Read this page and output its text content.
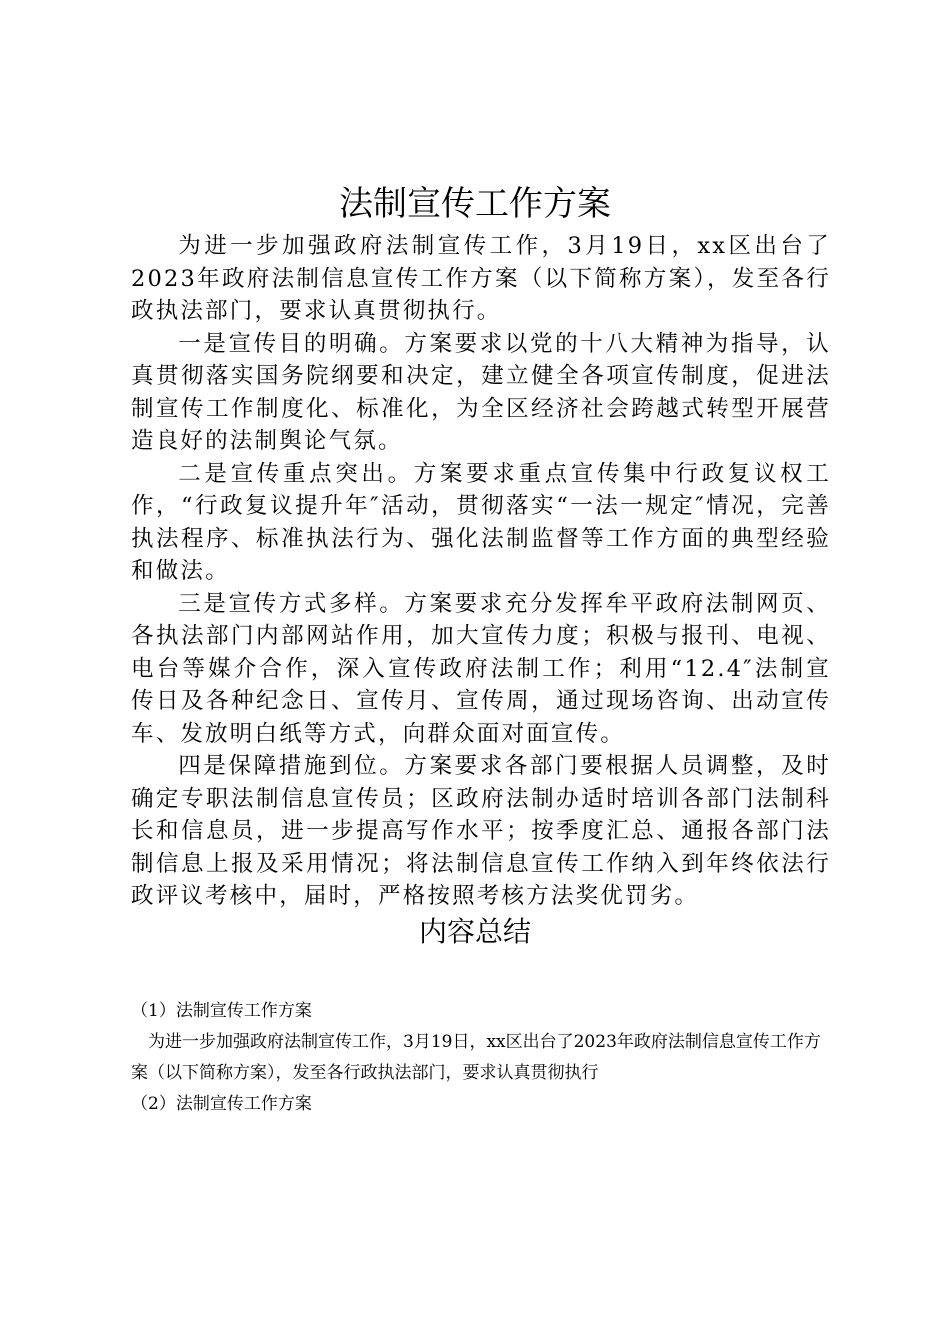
法制宣传工作方案

为进一步加强政府法制宣传工作，3月19日，xx区出台了2023年政府法制信息宣传工作方案（以下简称方案），发至各行政执法部门，要求认真贯彻执行。

一是宣传目的明确。方案要求以党的十八大精神为指导，认真贯彻落实国务院纲要和决定，建立健全各项宣传制度，促进法制宣传工作制度化、标准化，为全区经济社会跨越式转型开展营造良好的法制舆论气氛。

二是宣传重点突出。方案要求重点宣传集中行政复议权工作，“行政复议提升年″活动，贯彻落实“一法一规定″情况，完善执法程序、标准执法行为、强化法制监督等工作方面的典型经验和做法。

三是宣传方式多样。方案要求充分发挥牟平政府法制网页、各执法部门内部网站作用，加大宣传力度；积极与报刊、电视、电台等媒介合作，深入宣传政府法制工作；利用“12.4″法制宣传日及各种纪念日、宣传月、宣传周，通过现场咨询、出动宣传车、发放明白纸等方式，向群众面对面宣传。

四是保障措施到位。方案要求各部门要根据人员调整，及时确定专职法制信息宣传员；区政府法制办适时培训各部门法制科长和信息员，进一步提高写作水平；按季度汇总、通报各部门法制信息上报及采用情况；将法制信息宣传工作纳入到年终依法行政评议考核中，届时，严格按照考核方法奖优罚劣。

内容总结

（1）法制宣传工作方案

为进一步加强政府法制宣传工作，3月19日，xx区出台了2023年政府法制信息宣传工作方案（以下简称方案），发至各行政执法部门，要求认真贯彻执行

（2）法制宣传工作方案
